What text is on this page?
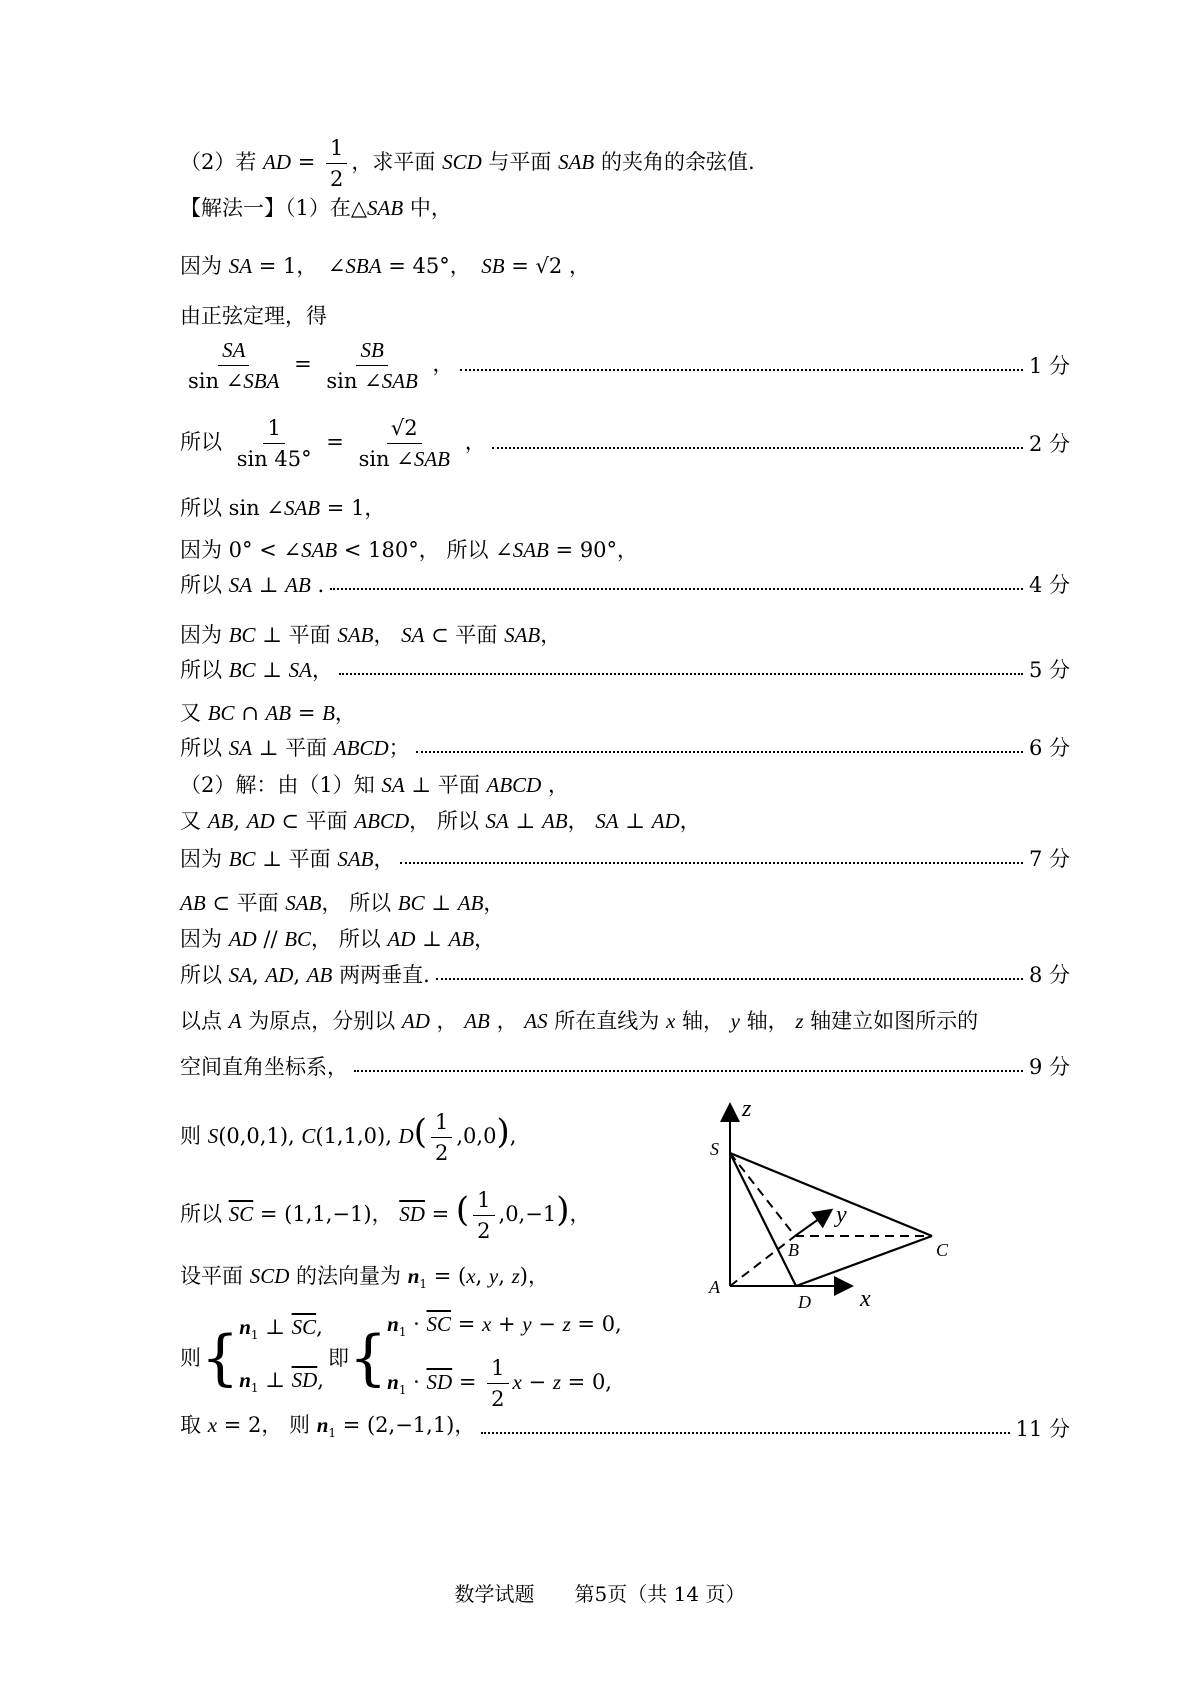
（2）若 AD = $\frac{1}{2}$ ，求平面 SCD 与平面 SAB 的夹角的余弦值.
【解法一】（1）在△SAB 中，
因为 SA = 1，　∠SBA = 45°，　SB = √2 ，
由正弦定理，得
$\frac{SA}{\text{sin ∠SBA}} = \frac{SB}{\text{sin ∠SAB}}$ ，	1 分
所以 $\frac{1}{\sin 45^\circ} = \frac{√2}{\text{sin ∠SAB}}$ ，	2 分
所以 sin ∠SAB = 1，
因为 0° < ∠SAB < 180°， 所以 ∠SAB = 90°，
所以 SA ⊥ AB .	4 分
因为 BC ⊥ 平面 SAB， SA ⊂ 平面 SAB，
所以 BC ⊥ SA，	5 分
又 BC ∩ AB = B，
所以 SA ⊥ 平面 ABCD；	6 分
（2）解：由（1）知 SA ⊥ 平面 ABCD ，
又 AB, AD ⊂ 平面 ABCD， 所以 SA ⊥ AB， SA ⊥ AD，
因为 BC ⊥ 平面 SAB，	7 分
AB ⊂ 平面 SAB， 所以 BC ⊥ AB，
因为 AD // BC， 所以 AD ⊥ AB，
所以 SA, AD, AB 两两垂直.	8 分
以点 A 为原点，分别以 AD ， AB ， AS 所在直线为 x 轴， y 轴， z 轴建立如图所示的
空间直角坐标系，	9 分
则 S(0,0,1), C(1,1,0), $D( \frac{1}{2} ,0,0)$,
所以 $\overline{SC} = (1,1,-1)$， $\overline{SD}$ = ( $\frac{1}{2} ,0,-1$)，
设平面 SCD 的法向量为 $n_1 = (x$, y, z)，
则 { $n_1$ ⊥ $\overline{SC}$,
$n_1$ ⊥ $\overline{SD}$,
即 { $n_1 \cdot \overline{SC} = x + y - z = 0$,
$n_1 \cdot \overline{SD} = \frac{1}{2}$ x − z = 0,
取 x = 2， 则 $n_1 = (2,-1,1)$，	11 分
z
y
x
S
A
B	C
D
数学试题　　第5页（共 14 页）
